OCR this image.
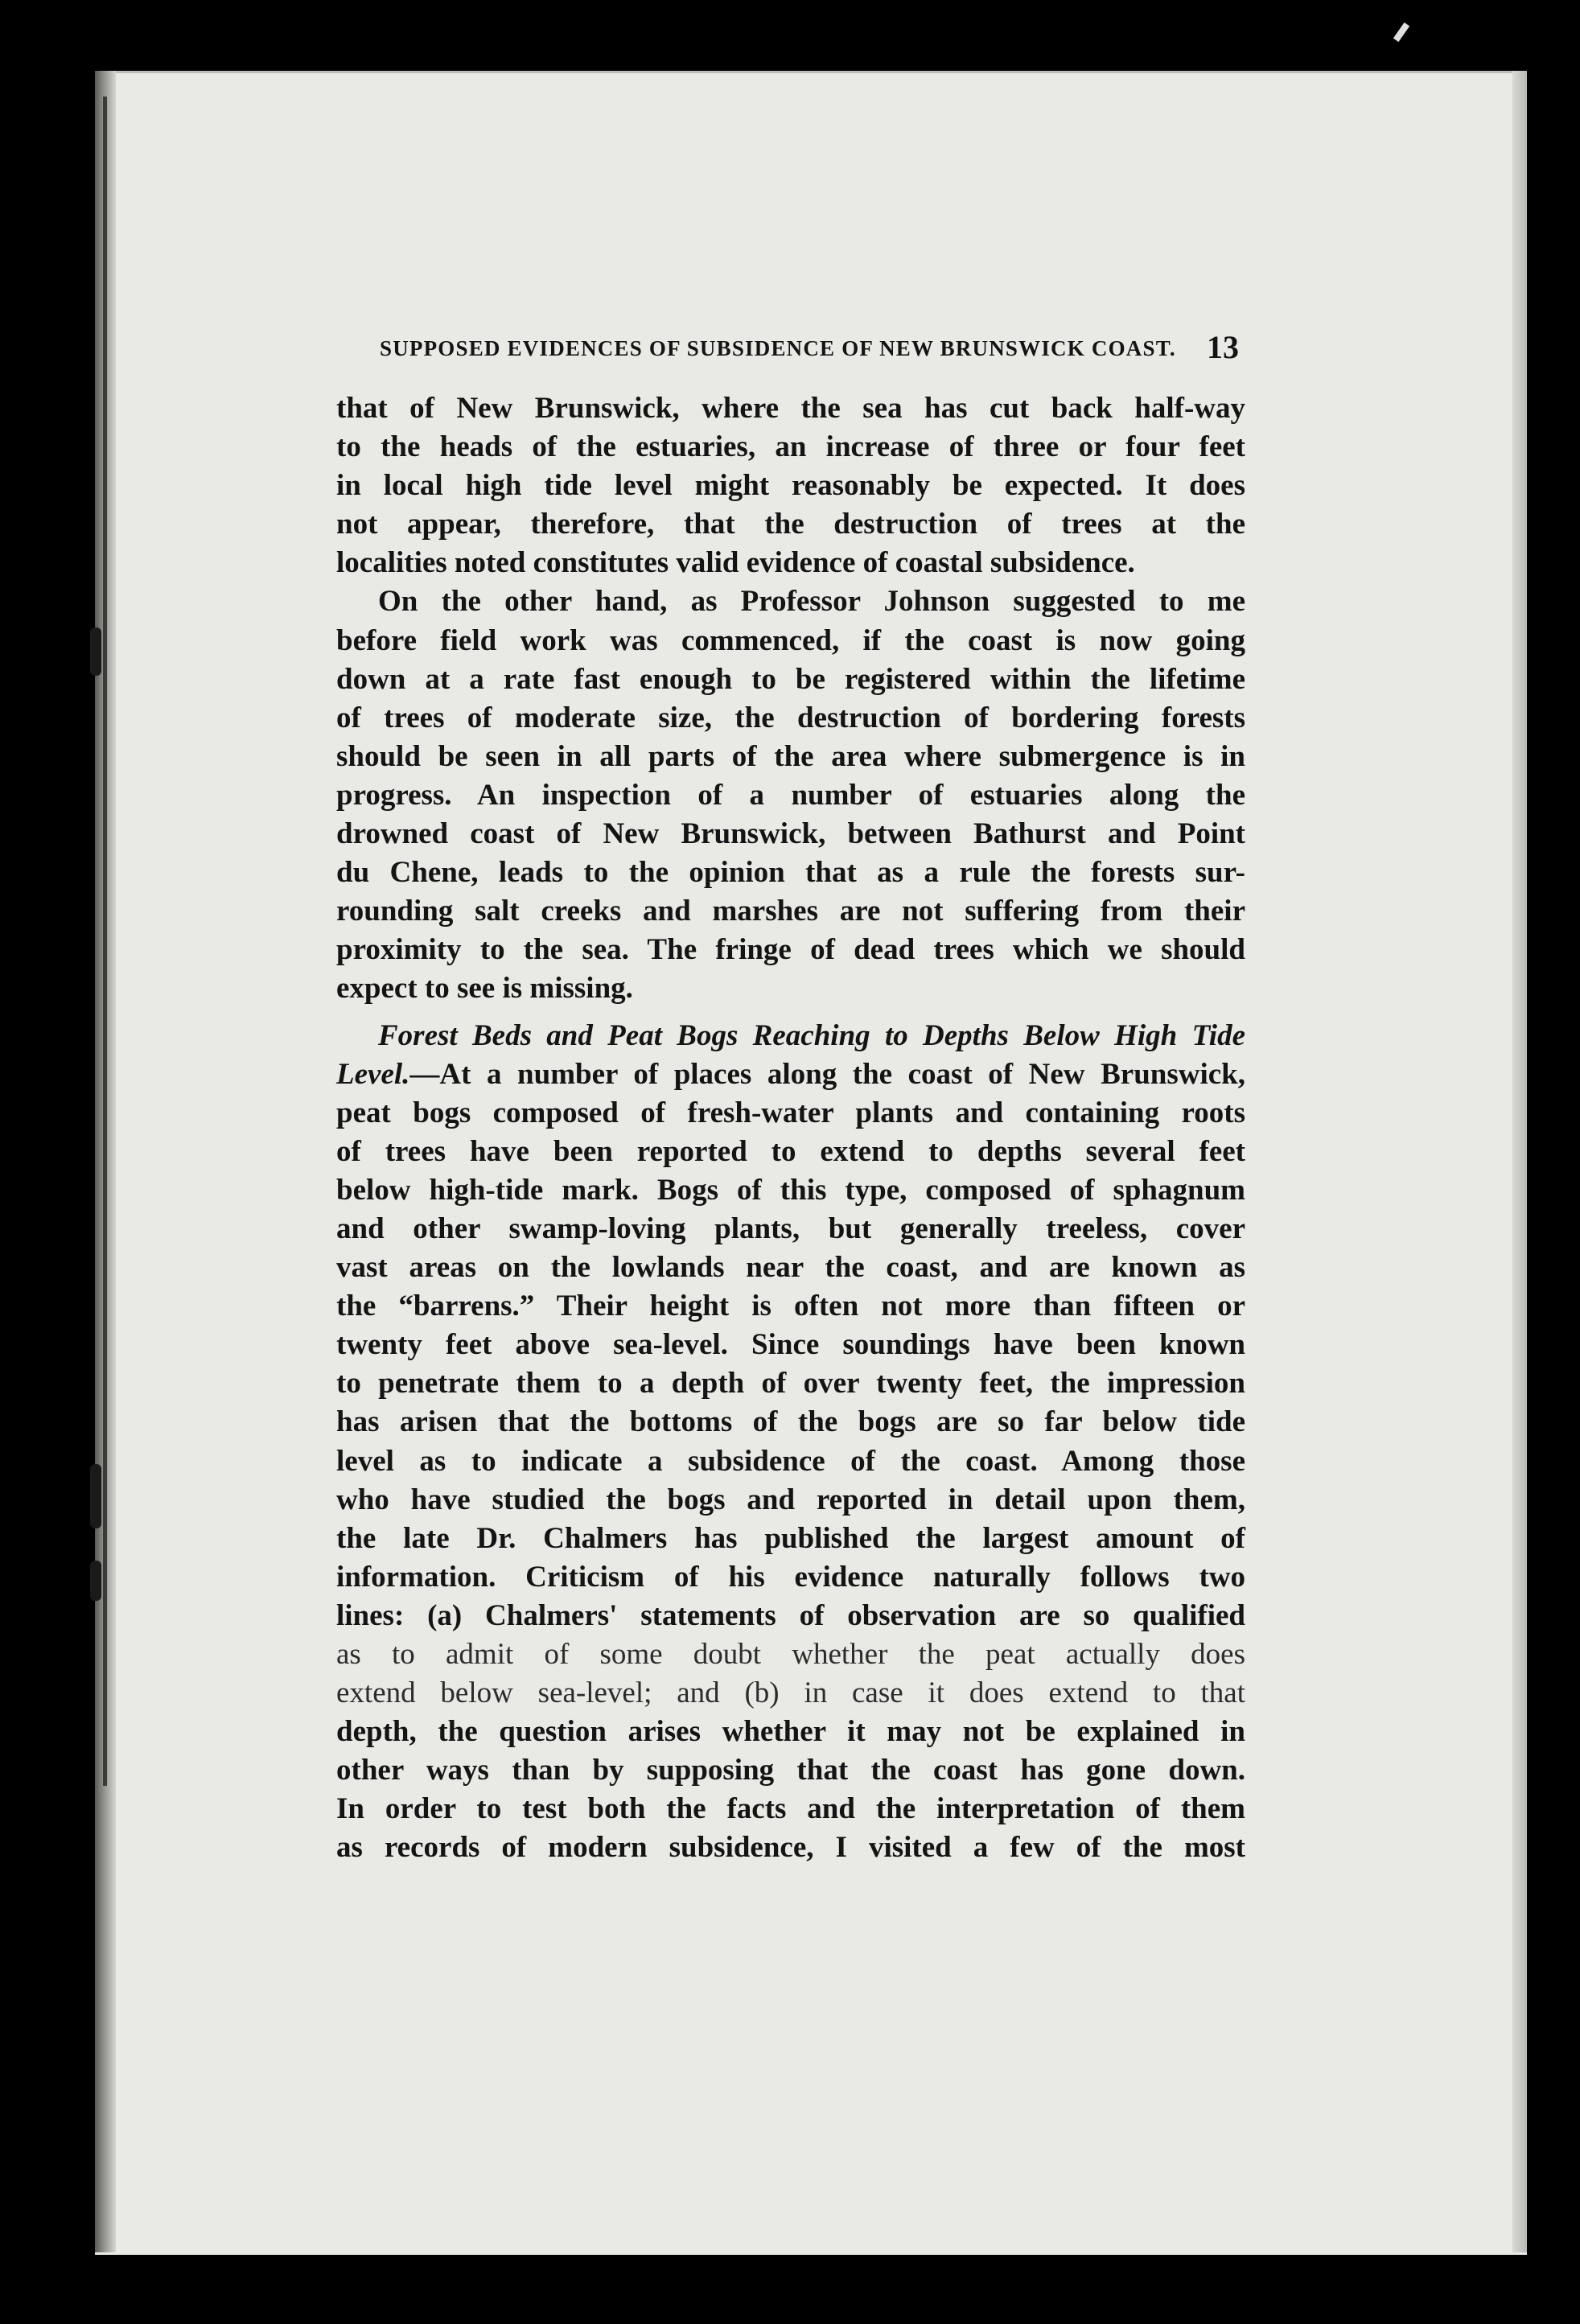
SUPPOSED EVIDENCES OF SUBSIDENCE OF NEW BRUNSWICK COAST. 13

that of New Brunswick, where the sea has cut back half-way
to the heads of the estuaries, an increase of three or four feet
in local high tide level might reasonably be expected. It does
not appear, therefore, that the destruction of trees at the
localities noted constitutes valid evidence of coastal subsidence.

On the other hand, as Professor Johnson suggested to me
before field work was commenced, if the coast is now going
down at a rate fast enough to be registered within the lifetime
of trees of moderate size, the destruction of bordering forests
should be seen in all parts of the area where submergence is in
progress. An inspection of a number of estuaries along the
drowned coast of New Brunswick, between Bathurst and Point
du Chene, leads to the opinion that as a rule the forests sur-
rounding salt creeks and marshes are not suffering from their
proximity to the sea. The fringe of dead trees which we should
expect to see is missing.

Forest Beds and Peat Bogs Reaching to Depths Below High Tide
Level.—At a number of places along the coast of New Brunswick,
peat bogs composed of fresh-water plants and containing roots
of trees have been reported to extend to depths several feet
below high-tide mark. Bogs of this type, composed of sphagnum
and other swamp-loving plants, but generally treeless, cover
vast areas on the lowlands near the coast, and are known as
the “barrens.” Their height is often not more than fifteen or
twenty feet above sea-level. Since soundings have been known
to penetrate them to a depth of over twenty feet, the impression
has arisen that the bottoms of the bogs are so far below tide
level as to indicate a subsidence of the coast. Among those
who have studied the bogs and reported in detail upon them,
the late Dr. Chalmers has published the largest amount of
information. Criticism of his evidence naturally follows two
lines: (a) Chalmers' statements of observation are so qualified
as to admit of some doubt whether the peat actually does
extend below sea-level; and (b) in case it does extend to that
depth, the question arises whether it may not be explained in
other ways than by supposing that the coast has gone down.
In order to test both the facts and the interpretation of them
as records of modern subsidence, I visited a few of the most
